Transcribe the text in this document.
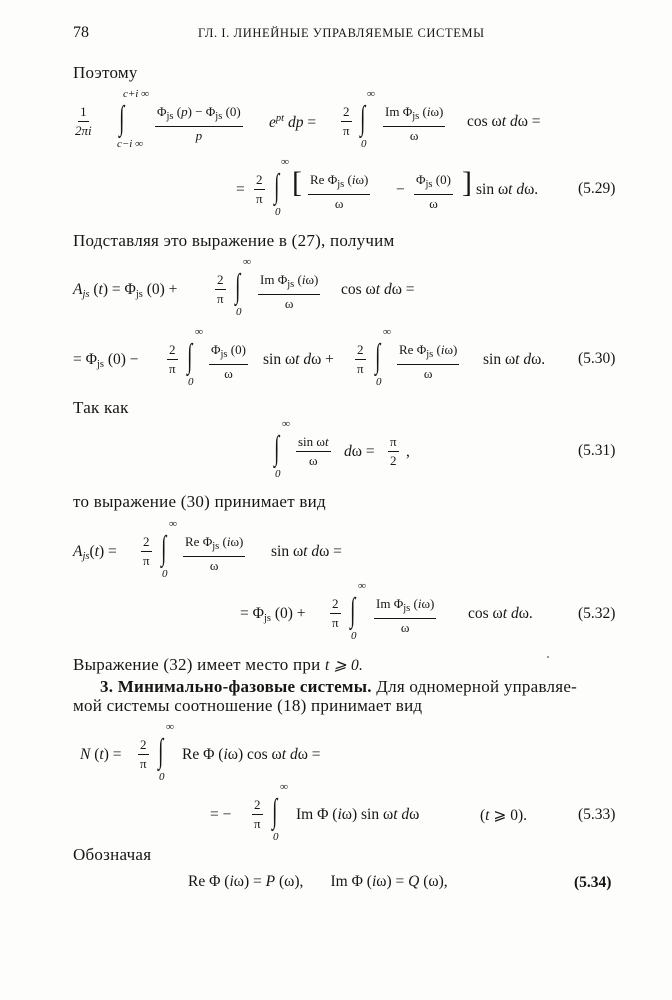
78	ГЛ. I. ЛИНЕЙНЫЕ УПРАВЛЯЕМЫЕ СИСТЕМЫ
Поэтому
$\frac{1}{2\pi i}$
c+i ∞
∫
c−i ∞
$\Phi_{js}$ $(p) - \Phi_{js}$ (0)
p
$e^{pt}$ dp = $\frac{2}{\pi}$
∞
∫
0
Im $\Phi_{js}$ (iω)
ω
cos ωt dω =
= $\frac{2}{\pi}$
∞
∫
0
[ Re $\Phi_{js}$ (iω)
ω
−
$\Phi_{js}$ (0)
ω
] sin ωt dω.	(5.29)
Подставляя это выражение в (27), получим
$A_{js}$ $(t) = \Phi_{js}$ (0) +	$\frac{2}{\pi}$
∞
∫
0
Im $\Phi_{js}$ (iω)
ω
cos ωt dω =
= $\Phi_{js}$ $(0) - \frac{2}{\pi}$
∞
∫
0
$\Phi_{js}$ (0)
ω
sin ωt $d\omega + \frac{2}{\pi}$
∞
∫
0
Re $\Phi_{js}$ (iω)
ω
sin ωt dω. (5.30)
Так как
∞
∫
0
$\frac{\text{sin ωt}}{\omega}$ $d\omega = \frac{\pi}{2}$ ,	(5.31)
то выражение (30) принимает вид
$A_{js}(t) = \frac{2}{\pi}$
∞
∫
0
Re $\Phi_{js}$ (iω)
ω
sin ωt dω =
= $\Phi_{js}$ $(0) + \frac{2}{\pi}$
∞
∫
0
Im $\Phi_{js}$ (iω)
ω
cos ωt dω.	(5.32)
Выражение (32) имеет место при t ⩾ 0.
3. Минимально-фазовые системы. Для одномерной управляе-
мой системы соотношение (18) принимает вид
N $(t) = \frac{2}{\pi}$
∞
∫
0
Re Φ (iω) cos ωt dω =
= − $\frac{2}{\pi}$
∞
∫
0
Im Φ (iω) sin ωt dω	(t ⩾ 0).	(5.33)
Обозначая
Re Φ (iω) = P (ω),       Im Φ (iω) = Q (ω),	(5.34)
